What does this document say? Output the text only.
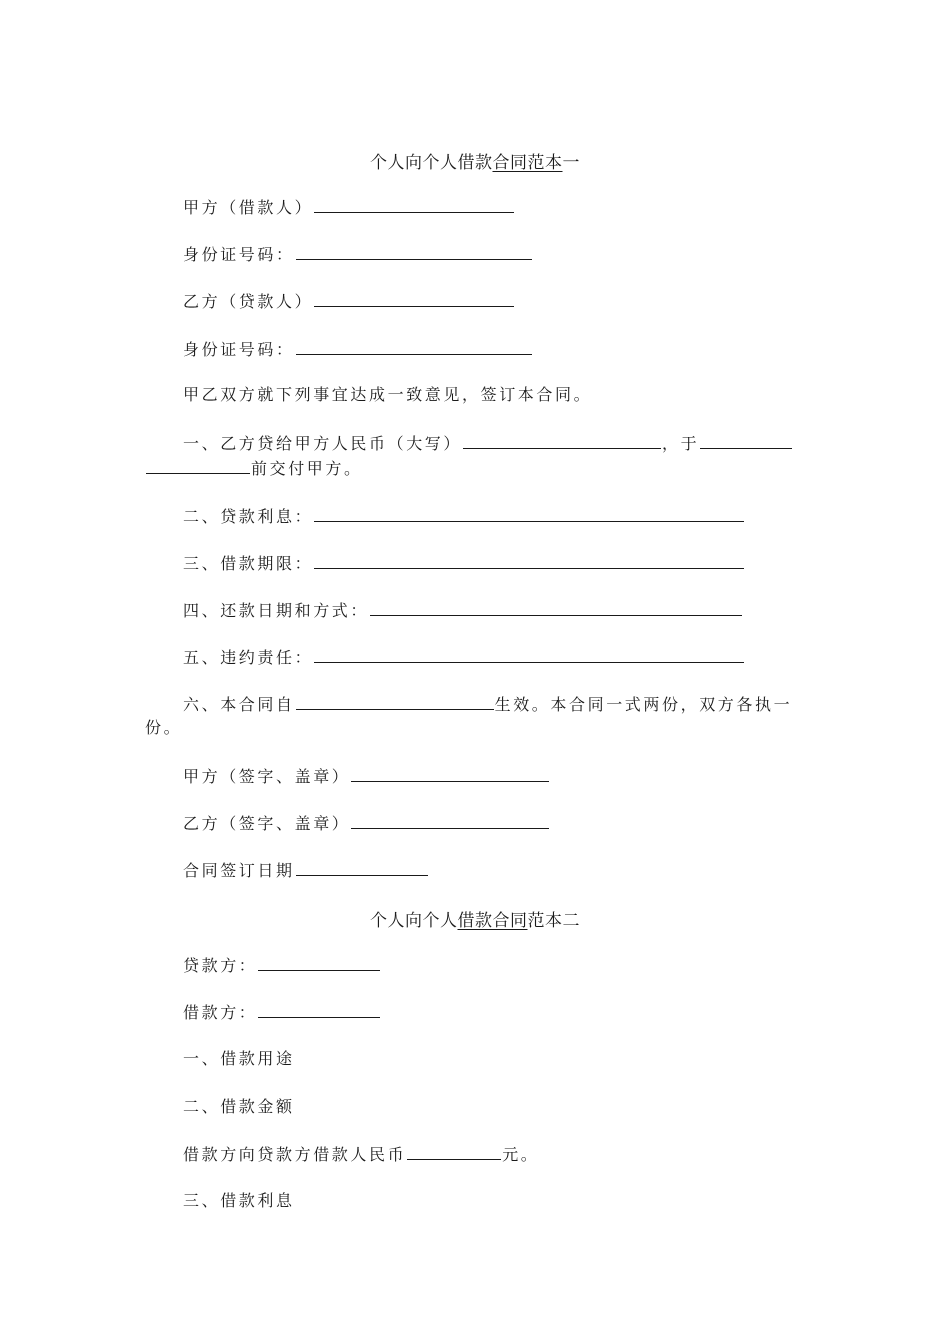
个人向个人借款合同范本一
甲方（借款人）
身份证号码：
乙方（贷款人）
身份证号码：
甲乙双方就下列事宜达成一致意见，签订本合同。
一、乙方贷给甲方人民币（大写）	，于
前交付甲方。
二、贷款利息：
三、借款期限：
四、还款日期和方式：
五、违约责任：
六、本合同自	生效。本合同一式两份，双方各执一
份。
甲方（签字、盖章）
乙方（签字、盖章）
合同签订日期
个人向个人借款合同范本二
贷款方：
借款方：
一、借款用途
二、借款金额
借款方向贷款方借款人民币	元。
三、借款利息
